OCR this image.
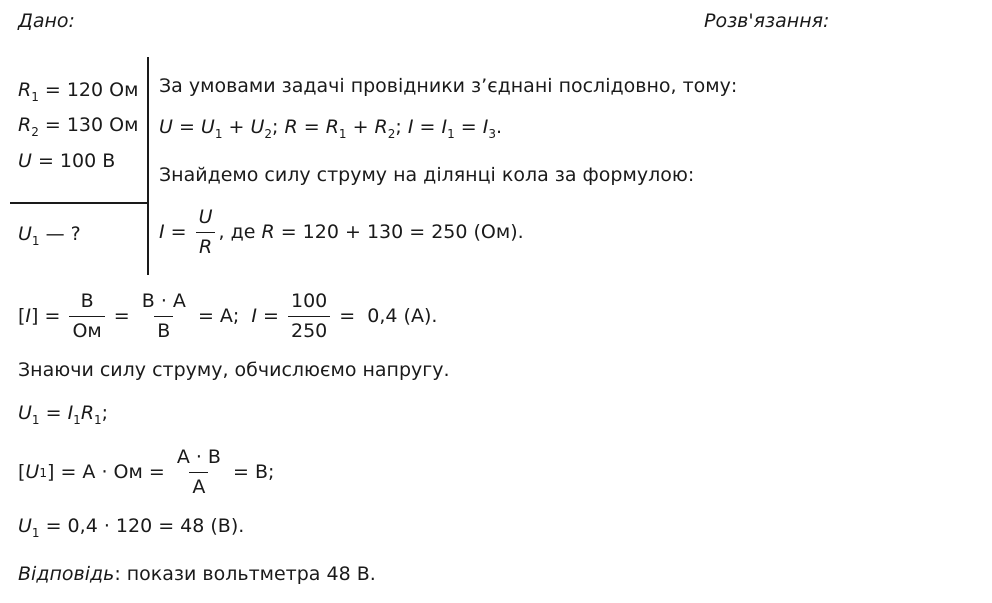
Дано:	Розв'язання:
$R_1 = 120$ Ом
$R_2 = 130$ Ом
U = 100 В
$U_1$ — ?
За умовами задачі провідники з’єднані послідовно, тому:
$U = U_1 + U_2$; $R = R_1 + R_2$; $I = I_1 = I_3$.
Знайдемо силу струму на ділянці кола за формулою:
$I = \frac{U}{R}$ , де R = 120 + 130 = 250 (Ом).
[ I ] = $\frac{В}{Ом} = \frac{В \cdot А}{В} = А$; $I = \frac{100}{250} = 0,4$ (А).
Знаючи силу струму, обчислюємо напругу.
$U_1 = I_1R_1$;
[ U 1 ] = А · Ом = $\frac{А \cdot В}{А} = В$;
$U_1 = 0,4 \cdot 120 = 48$ (В).
Відповідь: покази вольтметра 48 В.
